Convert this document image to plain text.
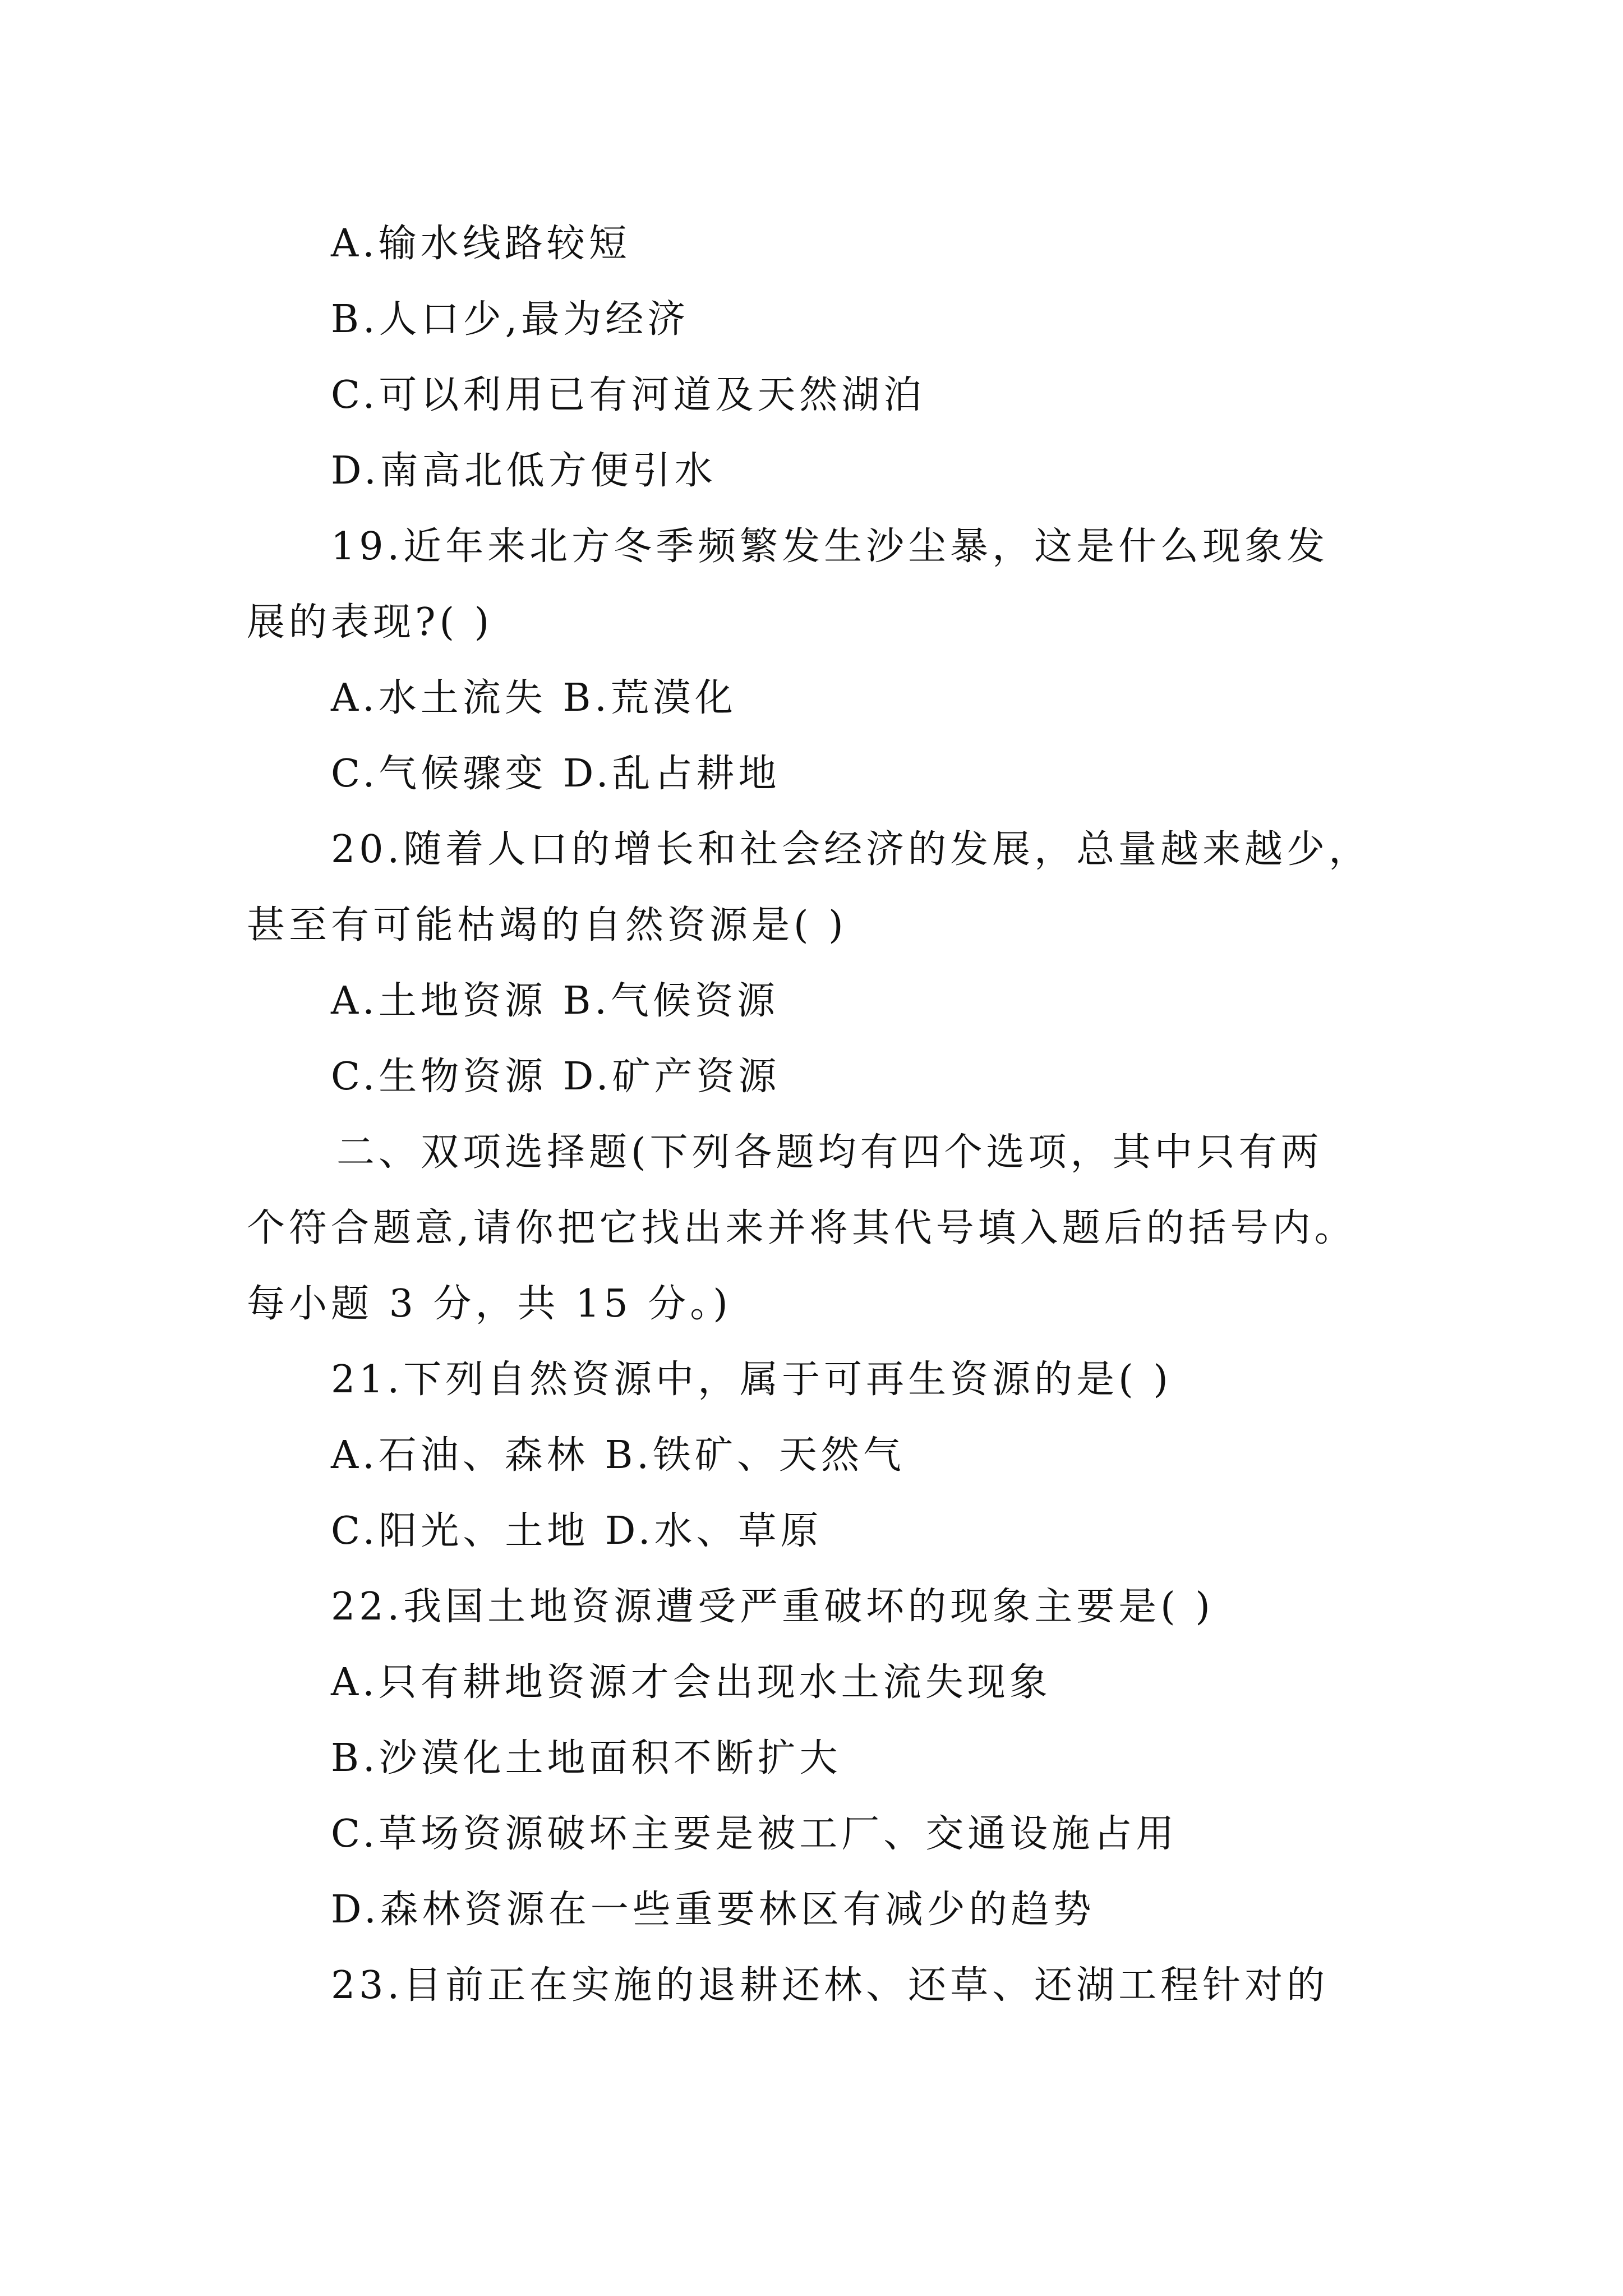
A.输水线路较短

B.人口少,最为经济

C.可以利用已有河道及天然湖泊

D.南高北低方便引水

19.近年来北方冬季频繁发生沙尘暴，这是什么现象发

展的表现?( )

A.水土流失 B.荒漠化

C.气候骤变 D.乱占耕地

20.随着人口的增长和社会经济的发展，总量越来越少，

甚至有可能枯竭的自然资源是( )

A.土地资源 B.气候资源

C.生物资源 D.矿产资源

二、双项选择题(下列各题均有四个选项，其中只有两

个符合题意,请你把它找出来并将其代号填入题后的括号内。

每小题 3 分，共 15 分。)

21.下列自然资源中，属于可再生资源的是( )

A.石油、森林 B.铁矿、天然气

C.阳光、土地 D.水、草原

22.我国土地资源遭受严重破坏的现象主要是( )

A.只有耕地资源才会出现水土流失现象

B.沙漠化土地面积不断扩大

C.草场资源破坏主要是被工厂、交通设施占用

D.森林资源在一些重要林区有减少的趋势

23.目前正在实施的退耕还林、还草、还湖工程针对的
